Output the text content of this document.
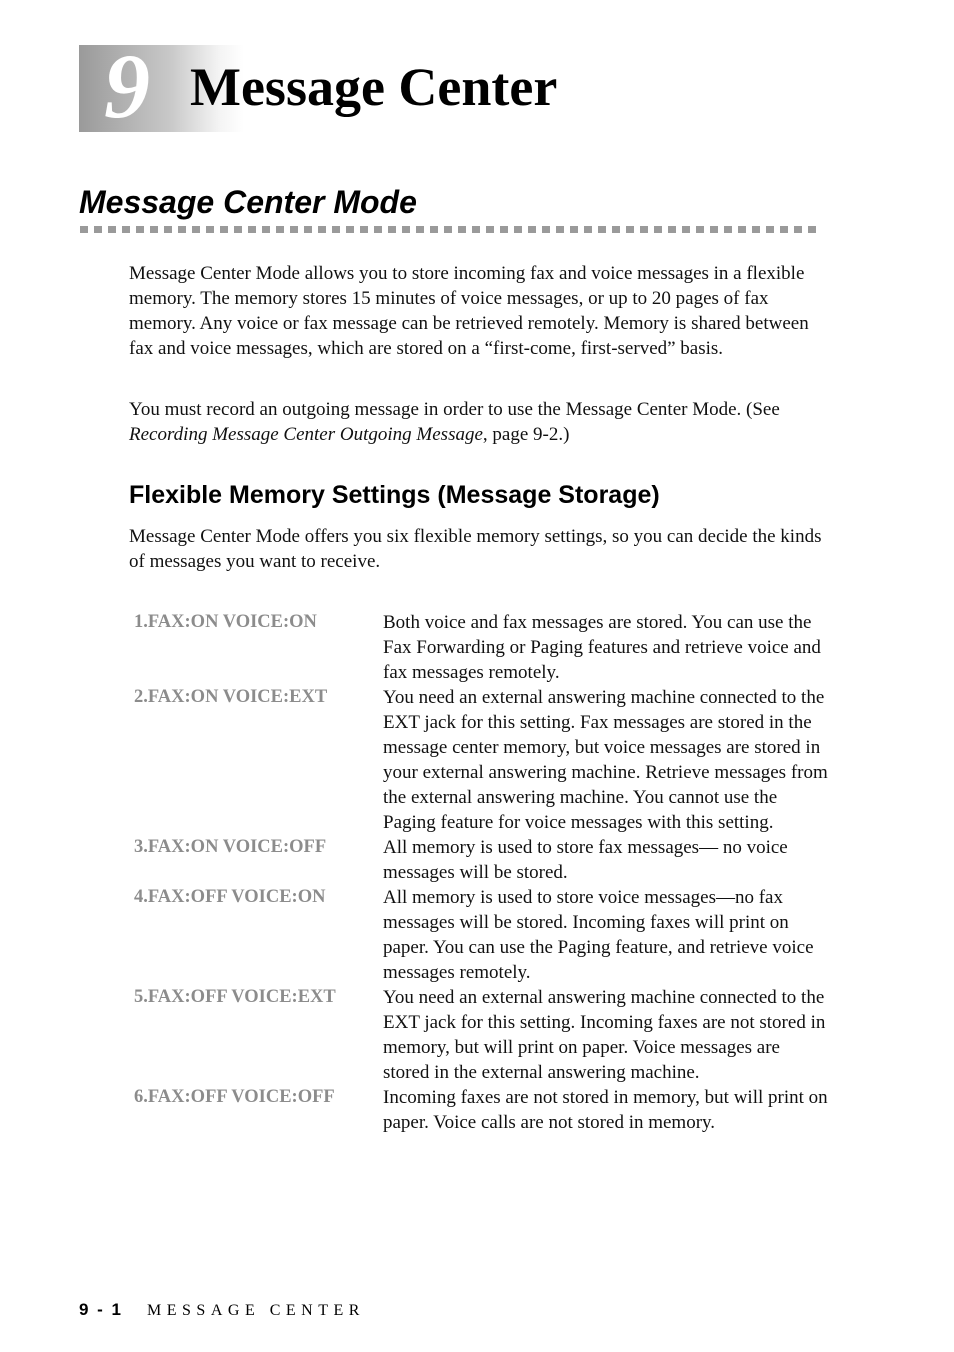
9 Message Center
Message Center Mode

Message Center Mode allows you to store incoming fax and voice messages in a flexible memory. The memory stores 15 minutes of voice messages, or up to 20 pages of fax memory. Any voice or fax message can be retrieved remotely. Memory is shared between fax and voice messages, which are stored on a “first-come, first-served” basis.

You must record an outgoing message in order to use the Message Center Mode. (See Recording Message Center Outgoing Message, page 9-2.)

Flexible Memory Settings (Message Storage)

Message Center Mode offers you six flexible memory settings, so you can decide the kinds of messages you want to receive.

1.FAX:ON VOICE:ON	Both voice and fax messages are stored. You can use the Fax Forwarding or Paging features and retrieve voice and fax messages remotely.
2.FAX:ON VOICE:EXT	You need an external answering machine connected to the EXT jack for this setting. Fax messages are stored in the message center memory, but voice messages are stored in your external answering machine. Retrieve messages from the external answering machine. You cannot use the Paging feature for voice messages with this setting.
3.FAX:ON VOICE:OFF	All memory is used to store fax messages— no voice messages will be stored.
4.FAX:OFF VOICE:ON	All memory is used to store voice messages—no fax messages will be stored. Incoming faxes will print on paper. You can use the Paging feature, and retrieve voice messages remotely.
5.FAX:OFF VOICE:EXT	You need an external answering machine connected to the EXT jack for this setting. Incoming faxes are not stored in memory, but will print on paper. Voice messages are stored in the external answering machine.
6.FAX:OFF VOICE:OFF	Incoming faxes are not stored in memory, but will print on paper. Voice calls are not stored in memory.
9 - 1 MESSAGE CENTER
